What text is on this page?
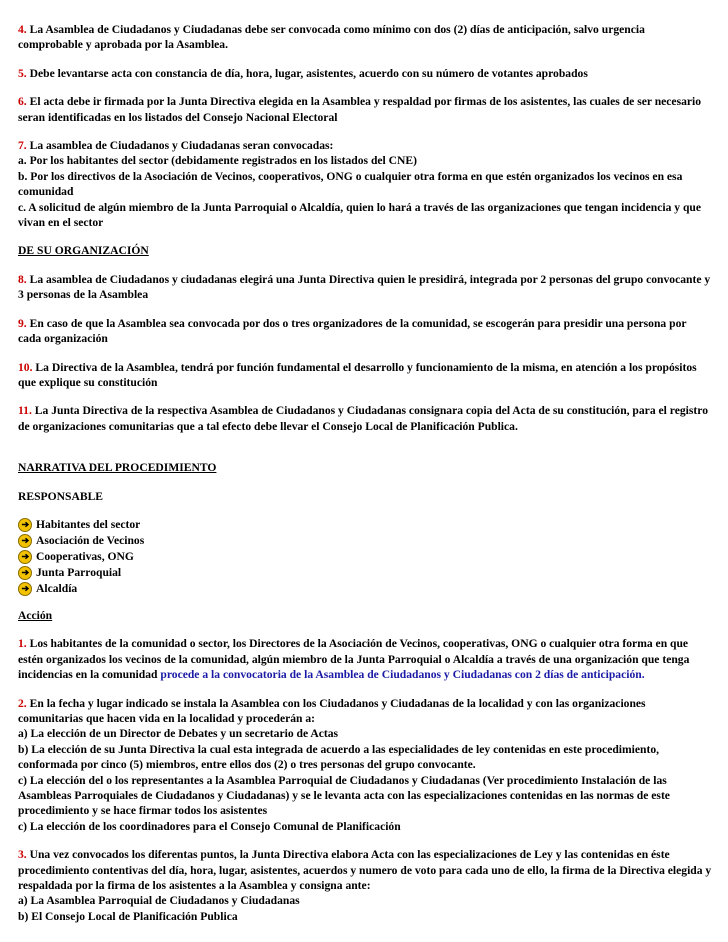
4. La Asamblea de Ciudadanos y Ciudadanas debe ser convocada como mínimo con dos (2) días de anticipación, salvo urgencia comprobable y aprobada por la Asamblea.

5. Debe levantarse acta con constancia de día, hora, lugar, asistentes, acuerdo con su número de votantes aprobados

6. El acta debe ir firmada por la Junta Directiva elegida en la Asamblea y respaldad por firmas de los asistentes, las cuales de ser necesario seran identificadas en los listados del Consejo Nacional Electoral

7. La asamblea de Ciudadanos y Ciudadanas seran convocadas:
a. Por los habitantes del sector (debidamente registrados en los listados del CNE)
b. Por los directivos de la Asociación de Vecinos, cooperativos, ONG o cualquier otra forma en que estén organizados los vecinos en esa comunidad
c. A solicitud de algún miembro de la Junta Parroquial o Alcaldía, quien lo hará a través de las organizaciones que tengan incidencia y que vivan en el sector

DE SU ORGANIZACIÓN

8. La asamblea de Ciudadanos y ciudadanas elegirá una Junta Directiva quien le presidirá, integrada por 2 personas del grupo convocante y 3 personas de la Asamblea

9. En caso de que la Asamblea sea convocada por dos o tres organizadores de la comunidad, se escogerán para presidir una persona por cada organización

10. La Directiva de la Asamblea, tendrá por función fundamental el desarrollo y funcionamiento de la misma, en atención a los propósitos que explique su constitución

11. La Junta Directiva de la respectiva Asamblea de Ciudadanos y Ciudadanas consignara copia del Acta de su constitución, para el registro de organizaciones comunitarias que a tal efecto debe llevar el Consejo Local de Planificación Publica.

NARRATIVA DEL PROCEDIMIENTO

RESPONSABLE

Habitantes del sector
Asociación de Vecinos
Cooperativas, ONG
Junta Parroquial
Alcaldía

Acción

1. Los habitantes de la comunidad o sector, los Directores de la Asociación de Vecinos, cooperativas, ONG o cualquier otra forma en que estén organizados los vecinos de la comunidad, algún miembro de la Junta Parroquial o Alcaldía a través de una organización que tenga incidencias en la comunidad procede a la convocatoria de la Asamblea de Ciudadanos y Ciudadanas con 2 días de anticipación.

2. En la fecha y lugar indicado se instala la Asamblea con los Ciudadanos y Ciudadanas de la localidad y con las organizaciones comunitarias que hacen vida en la localidad y procederán a:
a) La elección de un Director de Debates y un secretario de Actas
b) La elección de su Junta Directiva la cual esta integrada de acuerdo a las especialidades de ley contenidas en este procedimiento, conformada por cinco (5) miembros, entre ellos dos (2) o tres personas del grupo convocante.
c) La elección del o los representantes a la Asamblea Parroquial de Ciudadanos y Ciudadanas (Ver procedimiento Instalación de las Asambleas Parroquiales de Ciudadanos y Ciudadanas) y se le levanta acta con las especializaciones contenidas en las normas de este procedimiento y se hace firmar todos los asistentes
c) La elección de los coordinadores para el Consejo Comunal de Planificación

3. Una vez convocados los diferentas puntos, la Junta Directiva elabora Acta con las especializaciones de Ley y las contenidas en éste procedimiento contentivas del día, hora, lugar, asistentes, acuerdos y numero de voto para cada uno de ello, la firma de la Directiva elegida y respaldada por la firma de los asistentes a la Asamblea y consigna ante:
a) La Asamblea Parroquial de Ciudadanos y Ciudadanas
b) El Consejo Local de Planificación Publica
